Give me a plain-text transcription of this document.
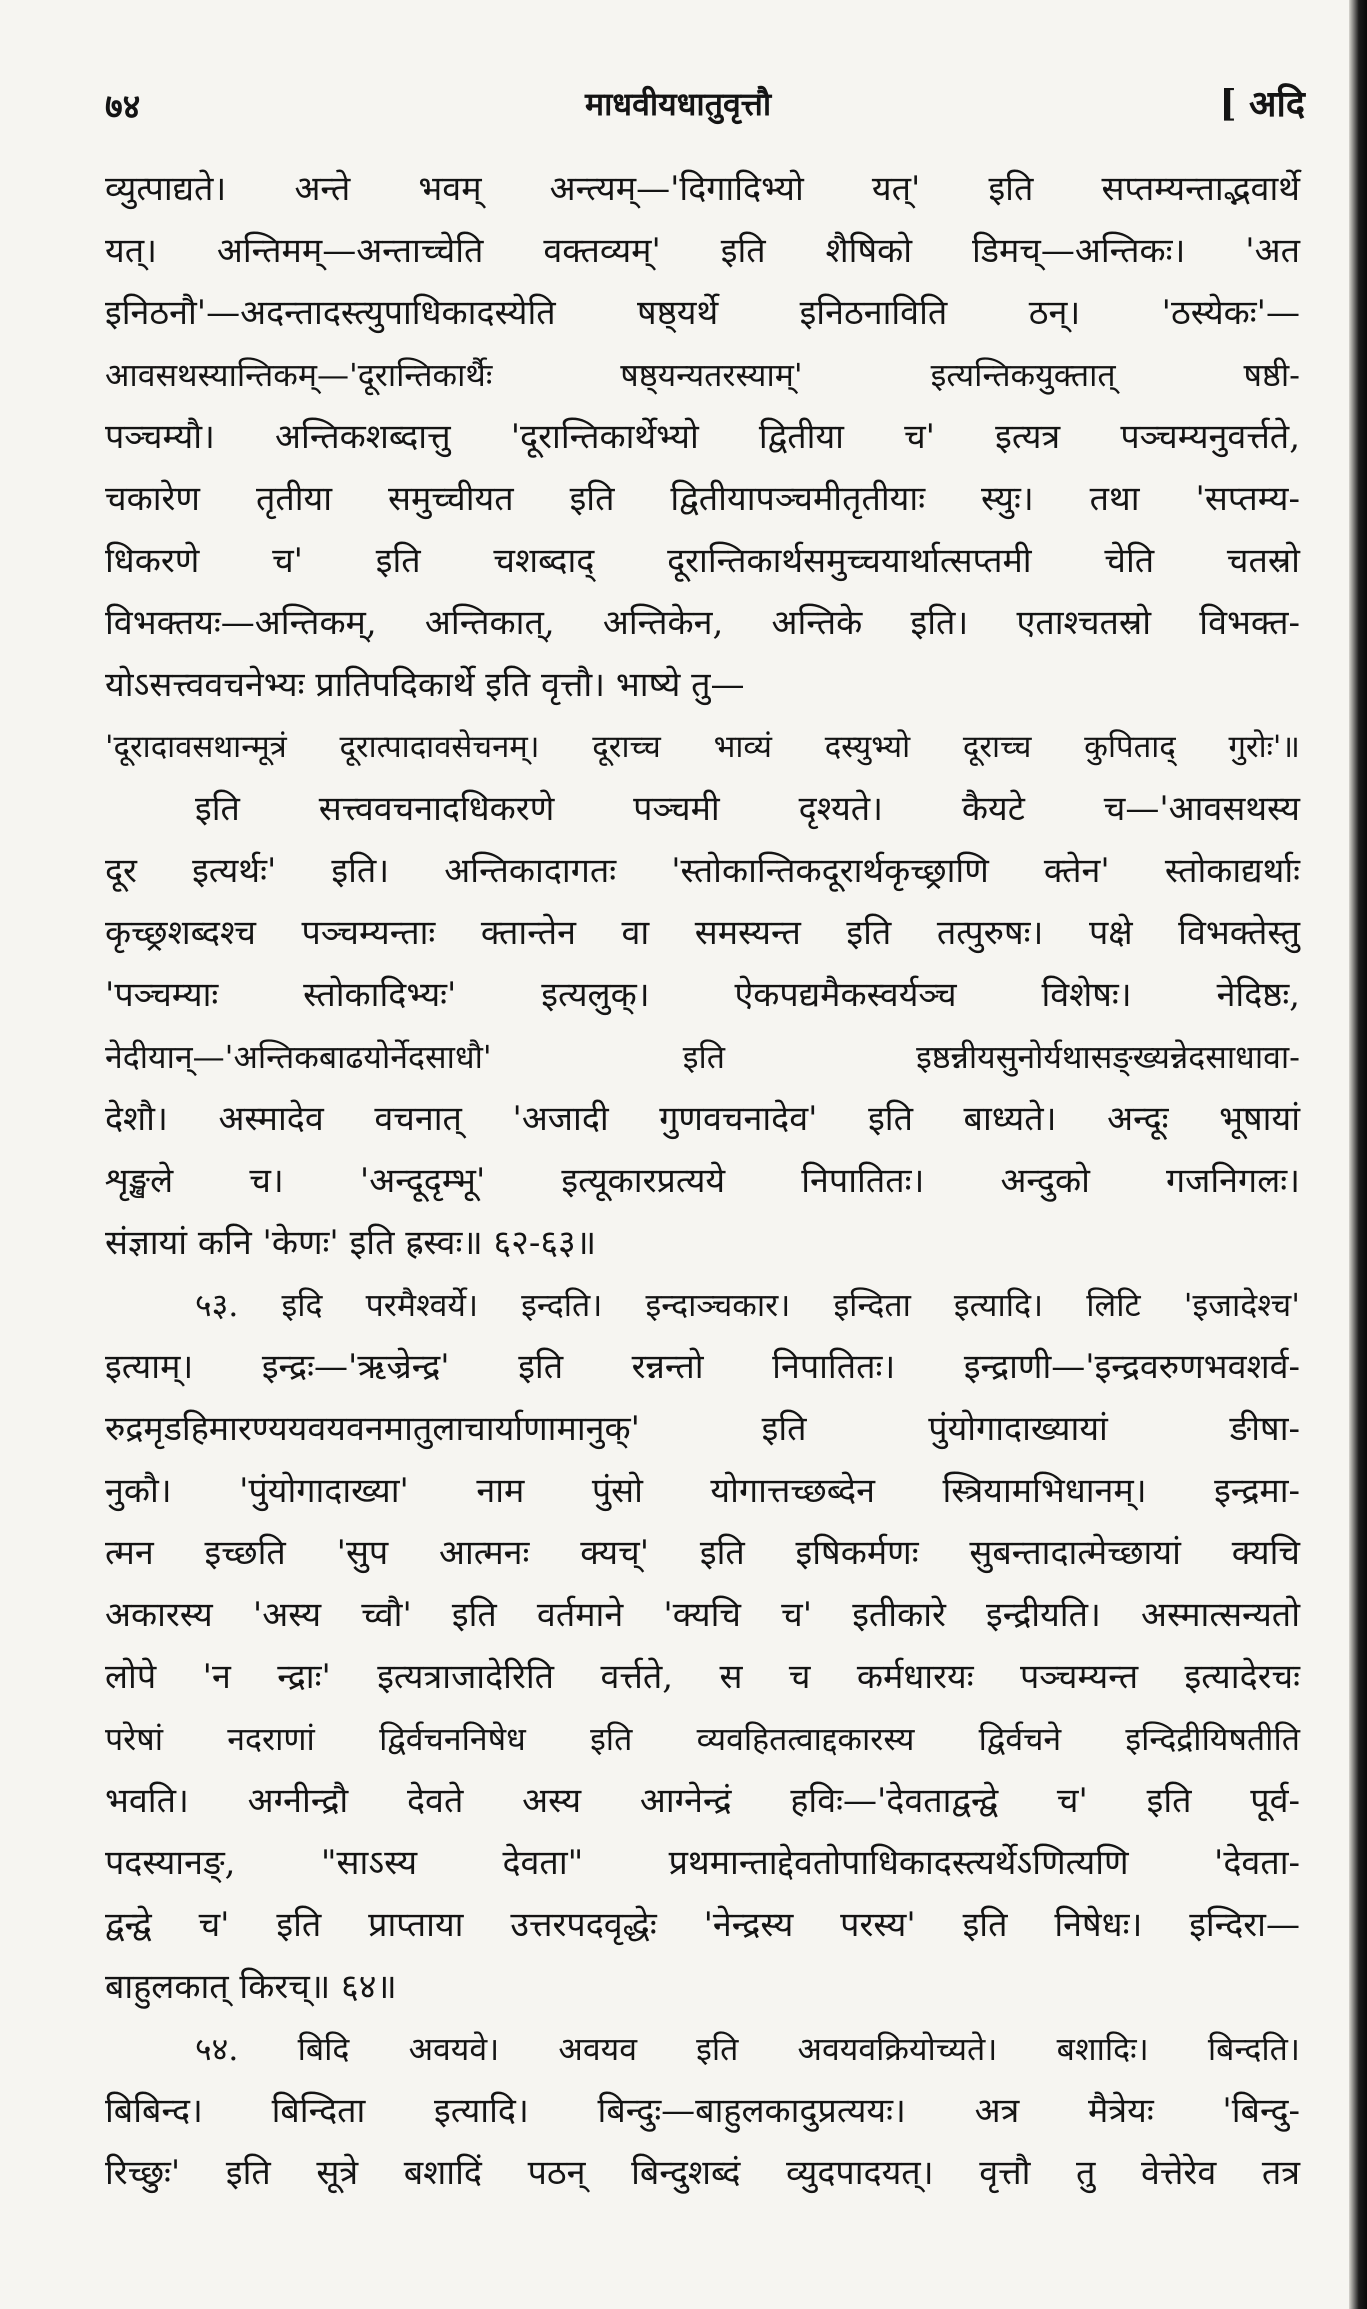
७४	माधवीयधातुवृत्तौ	[ अदि
व्युत्पाद्यते। अन्ते भवम् अन्त्यम्—'दिगादिभ्यो यत्' इति सप्तम्यन्ताद्भवार्थे
यत्। अन्तिमम्—अन्ताच्चेति वक्तव्यम्' इति शैषिको डिमच्—अन्तिकः। 'अत
इनिठनौ'—अदन्तादस्त्युपाधिकादस्येति षष्ठ्यर्थे इनिठनाविति ठन्। 'ठस्येकः'—
आवसथस्यान्तिकम्—'दूरान्तिकार्थैः षष्ठ्यन्यतरस्याम्' इत्यन्तिकयुक्तात् षष्ठी-
पञ्चम्यौ। अन्तिकशब्दात्तु 'दूरान्तिकार्थेभ्यो द्वितीया च' इत्यत्र पञ्चम्यनुवर्त्तते,
चकारेण तृतीया समुच्चीयत इति द्वितीयापञ्चमीतृतीयाः स्युः। तथा 'सप्तम्य-
धिकरणे च' इति चशब्दाद् दूरान्तिकार्थसमुच्चयार्थात्सप्तमी चेति चतस्रो
विभक्तयः—अन्तिकम्, अन्तिकात्, अन्तिकेन, अन्तिके इति। एताश्चतस्रो विभक्त-
योऽसत्त्ववचनेभ्यः प्रातिपदिकार्थे इति वृत्तौ। भाष्ये तु—
'दूरादावसथान्मूत्रं दूरात्पादावसेचनम्। दूराच्च भाव्यं दस्युभ्यो दूराच्च कुपिताद् गुरोः'॥
इति सत्त्ववचनादधिकरणे पञ्चमी दृश्यते। कैयटे च—'आवसथस्य
दूर इत्यर्थः' इति। अन्तिकादागतः 'स्तोकान्तिकदूरार्थकृच्छ्राणि क्तेन' स्तोकाद्यर्थाः
कृच्छ्रशब्दश्च पञ्चम्यन्ताः क्तान्तेन वा समस्यन्त इति तत्पुरुषः। पक्षे विभक्तेस्तु
'पञ्चम्याः स्तोकादिभ्यः' इत्यलुक्। ऐकपद्यमैकस्वर्यञ्च विशेषः। नेदिष्ठः,
नेदीयान्—'अन्तिकबाढयोर्नेदसाधौ' इति इष्ठन्नीयसुनोर्यथासङ्ख्यन्नेदसाधावा-
देशौ। अस्मादेव वचनात् 'अजादी गुणवचनादेव' इति बाध्यते। अन्दूः भूषायां
शृङ्खले च। 'अन्दूदृम्भू' इत्यूकारप्रत्यये निपातितः। अन्दुको गजनिगलः।
संज्ञायां कनि 'केणः' इति ह्रस्वः॥ ६२-६३॥
५३. इदि परमैश्वर्ये। इन्दति। इन्दाञ्चकार। इन्दिता इत्यादि। लिटि 'इजादेश्च'
इत्याम्। इन्द्रः—'ऋज्रेन्द्र' इति रन्नन्तो निपातितः। इन्द्राणी—'इन्द्रवरुणभवशर्व-
रुद्रमृडहिमारण्ययवयवनमातुलाचार्याणामानुक्' इति पुंयोगादाख्यायां ङीषा-
नुकौ। 'पुंयोगादाख्या' नाम पुंसो योगात्तच्छब्देन स्त्रियामभिधानम्। इन्द्रमा-
त्मन इच्छति 'सुप आत्मनः क्यच्' इति इषिकर्मणः सुबन्तादात्मेच्छायां क्यचि
अकारस्य 'अस्य च्वौ' इति वर्तमाने 'क्यचि च' इतीकारे इन्द्रीयति। अस्मात्सन्यतो
लोपे 'न न्द्राः' इत्यत्राजादेरिति वर्त्तते, स च कर्मधारयः पञ्चम्यन्त इत्यादेरचः
परेषां नदराणां द्विर्वचननिषेध इति व्यवहितत्वाद्दकारस्य द्विर्वचने इन्दिद्रीयिषतीति
भवति। अग्नीन्द्रौ देवते अस्य आग्नेन्द्रं हविः—'देवताद्वन्द्वे च' इति पूर्व-
पदस्यानङ्, "साऽस्य देवता" प्रथमान्ताद्देवतोपाधिकादस्त्यर्थेऽणित्यणि 'देवता-
द्वन्द्वे च' इति प्राप्ताया उत्तरपदवृद्धेः 'नेन्द्रस्य परस्य' इति निषेधः। इन्दिरा—
बाहुलकात् किरच्॥ ६४॥
५४. बिदि अवयवे। अवयव इति अवयवक्रियोच्यते। बशादिः। बिन्दति।
बिबिन्द। बिन्दिता इत्यादि। बिन्दुः—बाहुलकादुप्रत्ययः। अत्र मैत्रेयः 'बिन्दु-
रिच्छुः' इति सूत्रे बशादिं पठन् बिन्दुशब्दं व्युदपादयत्। वृत्तौ तु वेत्तेरेव तत्र
